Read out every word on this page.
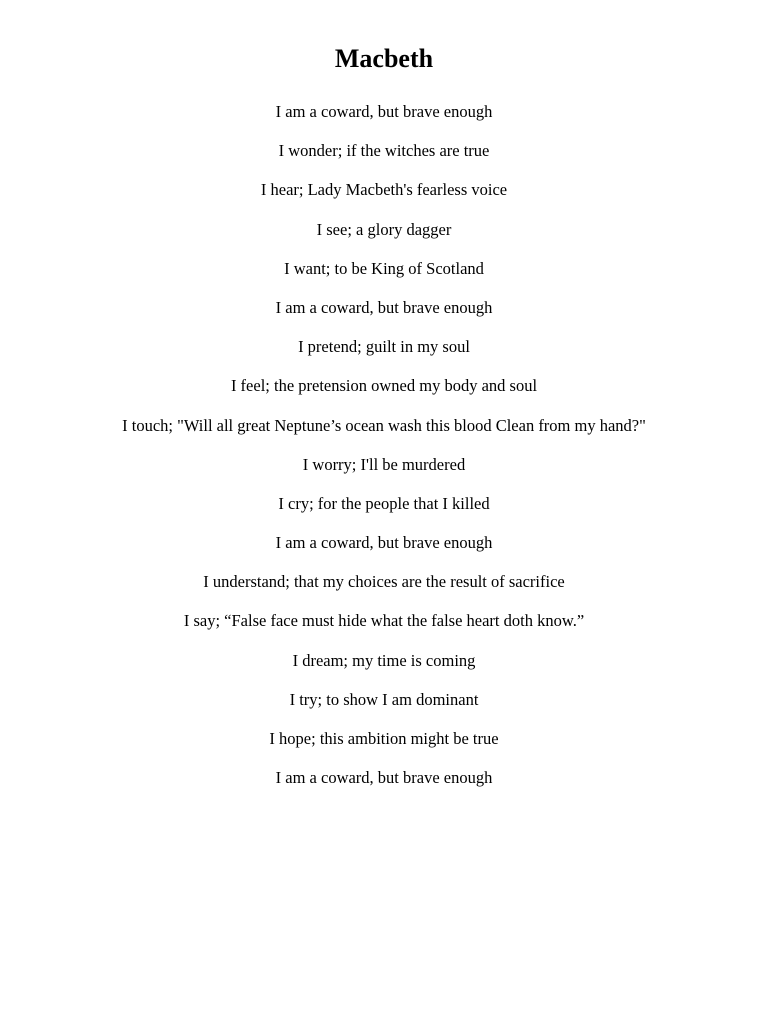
Macbeth
I am a coward, but brave enough
I wonder; if the witches are true
I hear; Lady Macbeth's fearless voice
I see; a glory dagger
I want; to be King of Scotland
I am a coward, but brave enough
I pretend; guilt in my soul
I feel; the pretension owned my body and soul
I touch; "Will all great Neptune’s ocean wash this blood Clean from my hand?"
I worry; I'll be murdered
I cry; for the people that I killed
I am a coward, but brave enough
I understand; that my choices are the result of sacrifice
I say; “False face must hide what the false heart doth know.”
I dream; my time is coming
I try; to show I am dominant
I hope; this ambition might be true
I am a coward, but brave enough
